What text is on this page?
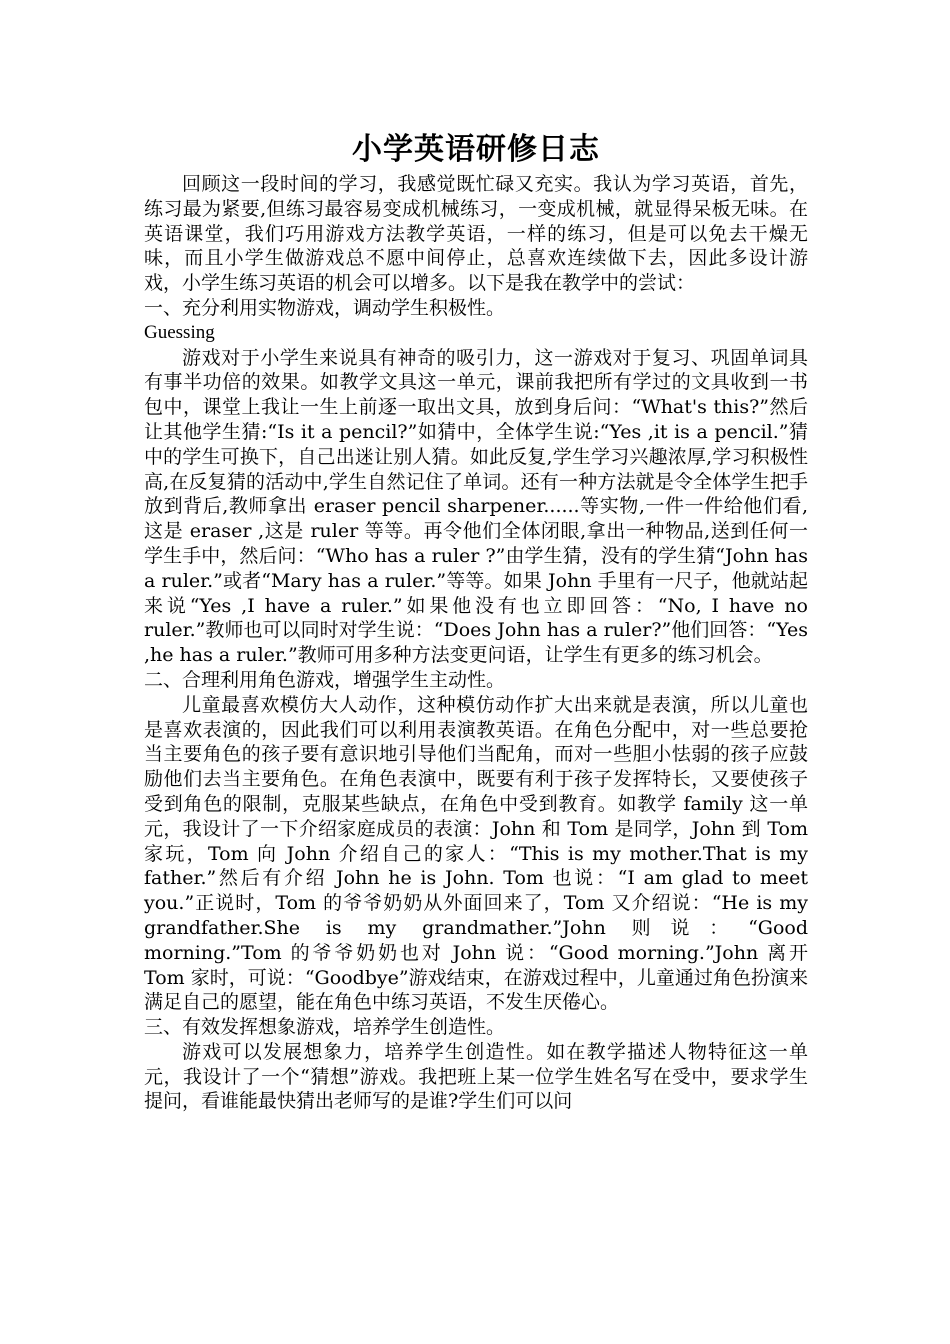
小学英语研修日志

回顾这一段时间的学习，我感觉既忙碌又充实。我认为学习英语，首先，练习最为紧要,但练习最容易变成机械练习，一变成机械，就显得呆板无味。在英语课堂，我们巧用游戏方法教学英语，一样的练习，但是可以免去干燥无味，而且小学生做游戏总不愿中间停止，总喜欢连续做下去，因此多设计游戏，小学生练习英语的机会可以增多。以下是我在教学中的尝试：

一、充分利用实物游戏，调动学生积极性。

Guessing

游戏对于小学生来说具有神奇的吸引力，这一游戏对于复习、巩固单词具有事半功倍的效果。如教学文具这一单元，课前我把所有学过的文具收到一书包中，课堂上我让一生上前逐一取出文具，放到身后问：“What's this?”然后让其他学生猜:“Is it a pencil?”如猜中，全体学生说:“Yes ,it is a pencil.”猜中的学生可换下，自己出迷让别人猜。如此反复,学生学习兴趣浓厚,学习积极性高,在反复猜的活动中,学生自然记住了单词。还有一种方法就是令全体学生把手放到背后,教师拿出 eraser pencil sharpener......等实物,一件一件给他们看,这是 eraser ,这是 ruler 等等。再令他们全体闭眼,拿出一种物品,送到任何一学生手中，然后问：“Who has a ruler ?”由学生猜，没有的学生猜“John has a ruler.”或者“Mary has a ruler.”等等。如果 John 手里有一尺子，他就站起来说“Yes ,I have a ruler.”如果他没有也立即回答：“No, I have no ruler.”教师也可以同时对学生说：“Does John has a ruler?”他们回答：“Yes ,he has a ruler.”教师可用多种方法变更问语，让学生有更多的练习机会。

二、合理利用角色游戏，增强学生主动性。

儿童最喜欢模仿大人动作，这种模仿动作扩大出来就是表演，所以儿童也是喜欢表演的，因此我们可以利用表演教英语。在角色分配中，对一些总要抢当主要角色的孩子要有意识地引导他们当配角，而对一些胆小怯弱的孩子应鼓励他们去当主要角色。在角色表演中，既要有利于孩子发挥特长，又要使孩子受到角色的限制，克服某些缺点，在角色中受到教育。如教学 family 这一单元，我设计了一下介绍家庭成员的表演：John 和 Tom 是同学，John 到 Tom 家玩，Tom 向 John 介绍自己的家人：“This is my mother.That is my father.”然后有介绍 John he is John. Tom 也说：“I am glad to meet you.”正说时，Tom 的爷爷奶奶从外面回来了，Tom 又介绍说：“He is my grandfather.She is my grandmather.”John 则说：“Good morning.”Tom 的爷爷奶奶也对 John 说：“Good morning.”John 离开 Tom 家时，可说：“Goodbye”游戏结束，在游戏过程中，儿童通过角色扮演来满足自己的愿望，能在角色中练习英语，不发生厌倦心。

三、有效发挥想象游戏，培养学生创造性。

游戏可以发展想象力，培养学生创造性。如在教学描述人物特征这一单元，我设计了一个“猜想”游戏。我把班上某一位学生姓名写在受中，要求学生提问，看谁能最快猜出老师写的是谁?学生们可以问
